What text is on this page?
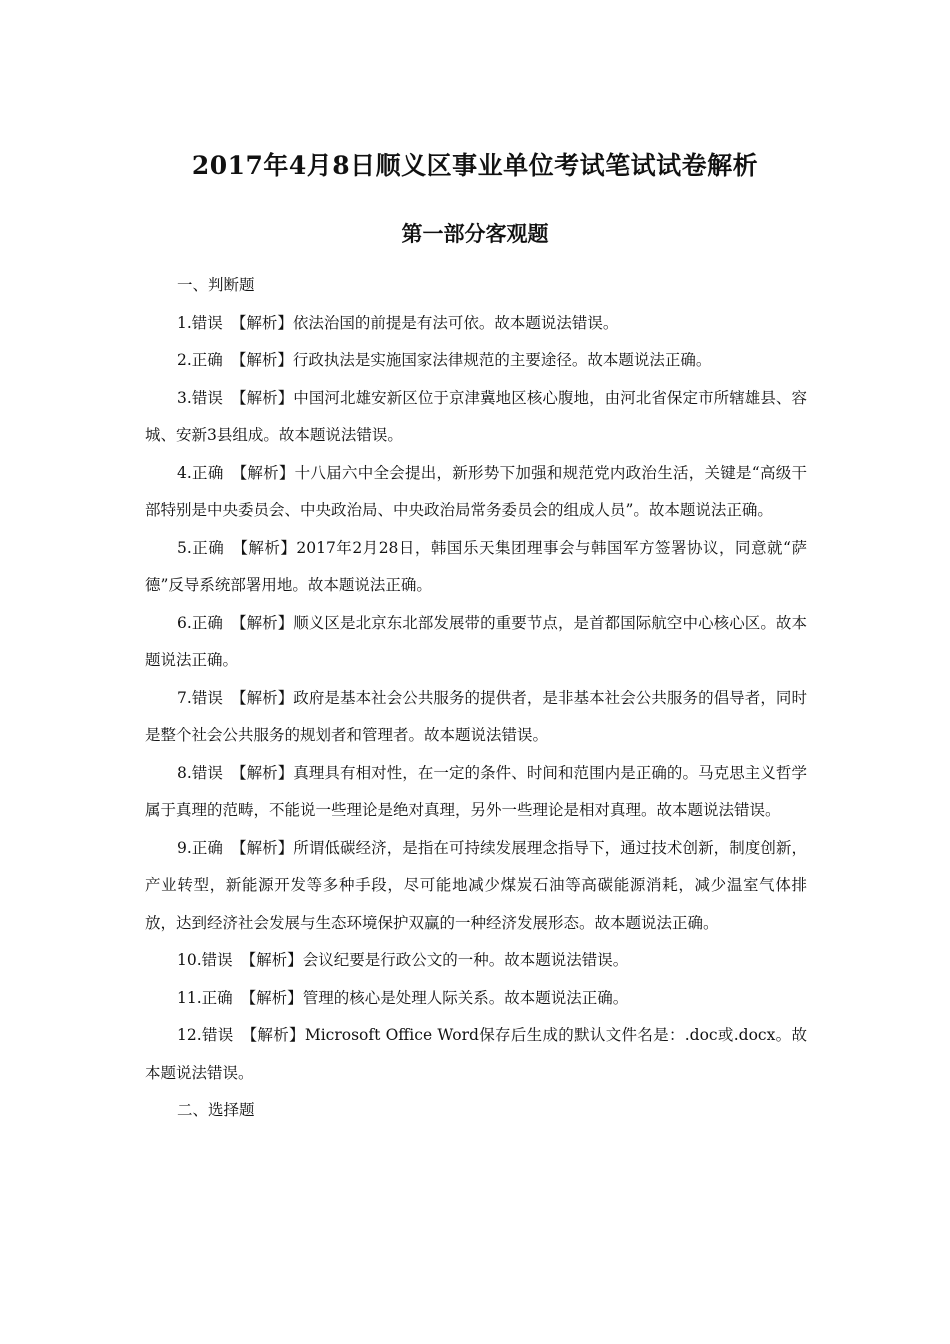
2017年4月8日顺义区事业单位考试笔试试卷解析
第一部分客观题

一、判断题

1.错误 【解析】依法治国的前提是有法可依。故本题说法错误。

2.正确 【解析】行政执法是实施国家法律规范的主要途径。故本题说法正确。

3.错误 【解析】中国河北雄安新区位于京津冀地区核心腹地，由河北省保定市所辖雄县、容城、安新3县组成。故本题说法错误。

4.正确 【解析】十八届六中全会提出，新形势下加强和规范党内政治生活，关键是“高级干部特别是中央委员会、中央政治局、中央政治局常务委员会的组成人员”。故本题说法正确。

5.正确 【解析】2017年2月28日，韩国乐天集团理事会与韩国军方签署协议，同意就“萨德”反导系统部署用地。故本题说法正确。

6.正确 【解析】顺义区是北京东北部发展带的重要节点，是首都国际航空中心核心区。故本题说法正确。

7.错误 【解析】政府是基本社会公共服务的提供者，是非基本社会公共服务的倡导者，同时是整个社会公共服务的规划者和管理者。故本题说法错误。

8.错误 【解析】真理具有相对性，在一定的条件、时间和范围内是正确的。马克思主义哲学属于真理的范畴，不能说一些理论是绝对真理，另外一些理论是相对真理。故本题说法错误。

9.正确 【解析】所谓低碳经济，是指在可持续发展理念指导下，通过技术创新，制度创新，产业转型，新能源开发等多种手段，尽可能地减少煤炭石油等高碳能源消耗，减少温室气体排放，达到经济社会发展与生态环境保护双赢的一种经济发展形态。故本题说法正确。

10.错误 【解析】会议纪要是行政公文的一种。故本题说法错误。

11.正确 【解析】管理的核心是处理人际关系。故本题说法正确。

12.错误 【解析】Microsoft Office Word保存后生成的默认文件名是：.doc或.docx。故本题说法错误。

二、选择题
